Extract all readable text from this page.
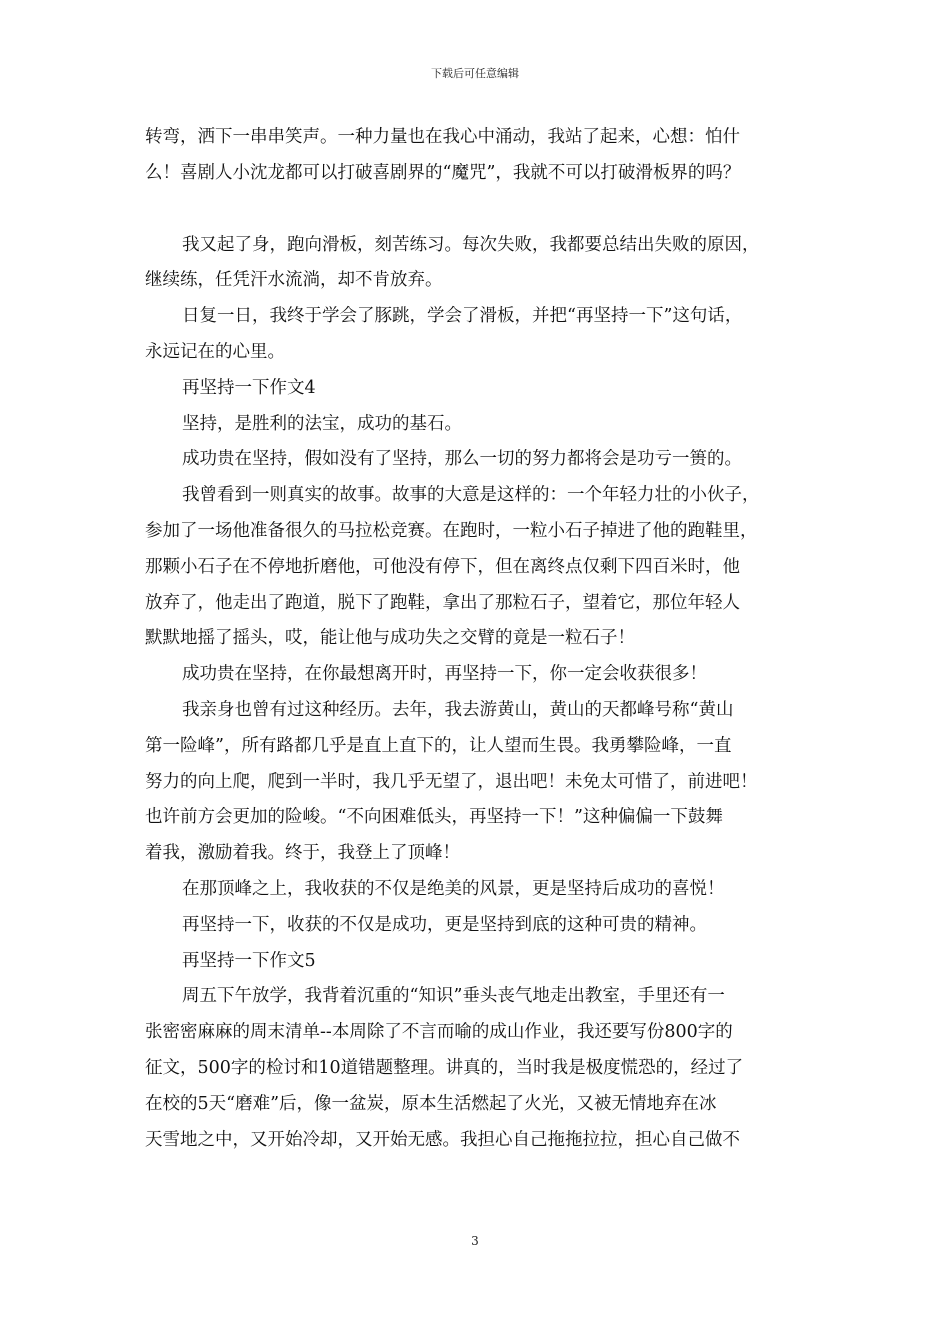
下载后可任意编辑

转弯，洒下一串串笑声。一种力量也在我心中涌动，我站了起来，心想：怕什

么！喜剧人小沈龙都可以打破喜剧界的“魔咒”，我就不可以打破滑板界的吗？

我又起了身，跑向滑板，刻苦练习。每次失败，我都要总结出失败的原因，

继续练，任凭汗水流淌，却不肯放弃。

日复一日，我终于学会了豚跳，学会了滑板，并把“再坚持一下”这句话，

永远记在的心里。

再坚持一下作文4

坚持，是胜利的法宝，成功的基石。

成功贵在坚持，假如没有了坚持，那么一切的努力都将会是功亏一篑的。

我曾看到一则真实的故事。故事的大意是这样的：一个年轻力壮的小伙子，

参加了一场他准备很久的马拉松竞赛。在跑时，一粒小石子掉进了他的跑鞋里，

那颗小石子在不停地折磨他，可他没有停下，但在离终点仅剩下四百米时，他

放弃了，他走出了跑道，脱下了跑鞋，拿出了那粒石子，望着它，那位年轻人

默默地摇了摇头，哎，能让他与成功失之交臂的竟是一粒石子！

成功贵在坚持，在你最想离开时，再坚持一下，你一定会收获很多！

我亲身也曾有过这种经历。去年，我去游黄山，黄山的天都峰号称“黄山

第一险峰”，所有路都几乎是直上直下的，让人望而生畏。我勇攀险峰，一直

努力的向上爬，爬到一半时，我几乎无望了，退出吧！未免太可惜了，前进吧！

也许前方会更加的险峻。“不向困难低头，再坚持一下！”这种偏偏一下鼓舞

着我，激励着我。终于，我登上了顶峰！

在那顶峰之上，我收获的不仅是绝美的风景，更是坚持后成功的喜悦！

再坚持一下，收获的不仅是成功，更是坚持到底的这种可贵的精神。

再坚持一下作文5

周五下午放学，我背着沉重的“知识”垂头丧气地走出教室，手里还有一

张密密麻麻的周末清单--本周除了不言而喻的成山作业，我还要写份800字的

征文，500字的检讨和10道错题整理。讲真的，当时我是极度慌恐的，经过了

在校的5天“磨难”后，像一盆炭，原本生活燃起了火光，又被无情地弃在冰

天雪地之中，又开始冷却，又开始无感。我担心自己拖拖拉拉，担心自己做不

3
